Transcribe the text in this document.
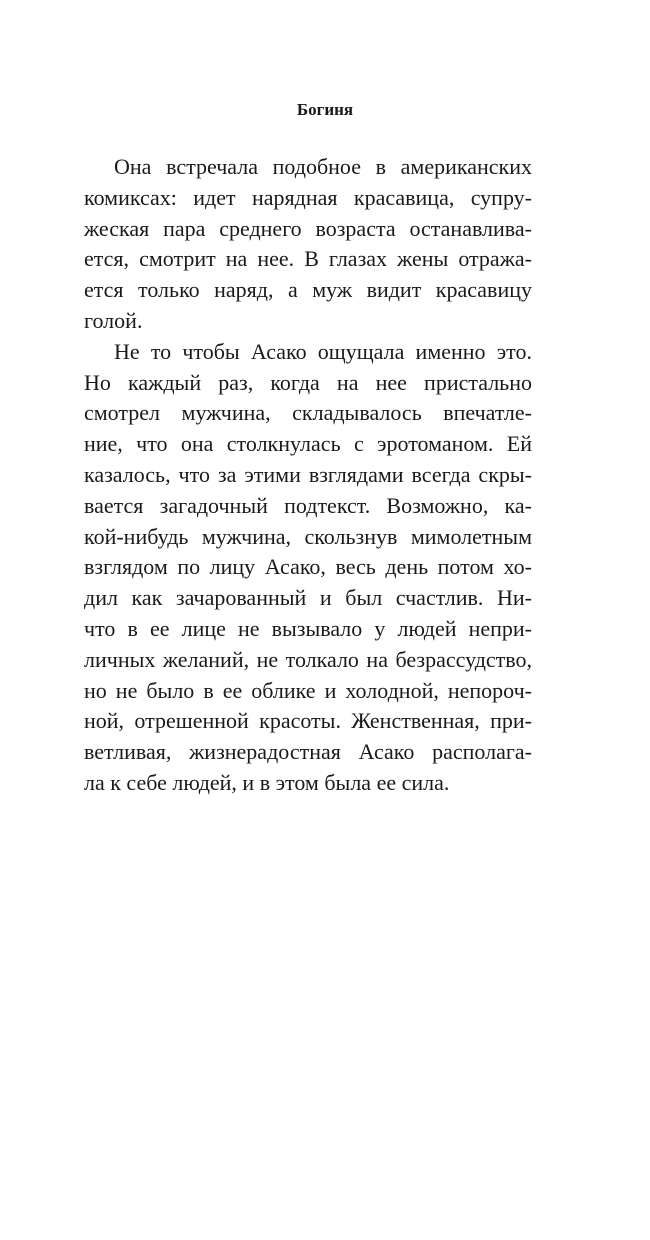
Богиня
Она встречала подобное в американских
комиксах: идет нарядная красавица, супру-
жеская пара среднего возраста останавлива-
ется, смотрит на нее. В глазах жены отража-
ется только наряд, а муж видит красавицу
голой.
Не то чтобы Асако ощущала именно это.
Но каждый раз, когда на нее пристально
смотрел мужчина, складывалось впечатле-
ние, что она столкнулась с эротоманом. Ей
казалось, что за этими взглядами всегда скры-
вается загадочный подтекст. Возможно, ка-
кой-нибудь мужчина, скользнув мимолетным
взглядом по лицу Асако, весь день потом хо-
дил как зачарованный и был счастлив. Ни-
что в ее лице не вызывало у людей непри-
личных желаний, не толкало на безрассудство,
но не было в ее облике и холодной, непороч-
ной, отрешенной красоты. Женственная, при-
ветливая, жизнерадостная Асако располага-
ла к себе людей, и в этом была ее сила.
